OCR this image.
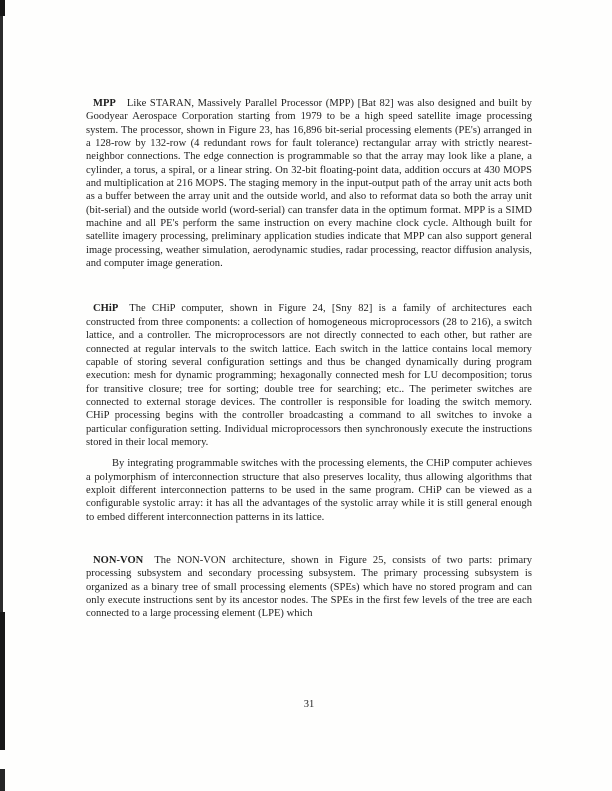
MPP Like STARAN, Massively Parallel Processor (MPP) [Bat 82] was also designed and built by Goodyear Aerospace Corporation starting from 1979 to be a high speed satellite image processing system. The processor, shown in Figure 23, has 16,896 bit-serial processing elements (PE's) arranged in a 128-row by 132-row (4 redundant rows for fault tolerance) rectangular array with strictly nearest-neighbor connections. The edge connection is programmable so that the array may look like a plane, a cylinder, a torus, a spiral, or a linear string. On 32-bit floating-point data, addition occurs at 430 MOPS and multiplication at 216 MOPS. The staging memory in the input-output path of the array unit acts both as a buffer between the array unit and the outside world, and also to reformat data so both the array unit (bit-serial) and the outside world (word-serial) can transfer data in the optimum format. MPP is a SIMD machine and all PE's perform the same instruction on every machine clock cycle. Although built for satellite imagery processing, preliminary application studies indicate that MPP can also support general image processing, weather simulation, aerodynamic studies, radar processing, reactor diffusion analysis, and computer image generation.

CHiP The CHiP computer, shown in Figure 24, [Sny 82] is a family of architectures each constructed from three components: a collection of homogeneous microprocessors (28 to 216), a switch lattice, and a controller. The microprocessors are not directly connected to each other, but rather are connected at regular intervals to the switch lattice. Each switch in the lattice contains local memory capable of storing several configuration settings and thus be changed dynamically during program execution: mesh for dynamic programming; hexagonally connected mesh for LU decomposition; torus for transitive closure; tree for sorting; double tree for searching; etc.. The perimeter switches are connected to external storage devices. The controller is responsible for loading the switch memory. CHiP processing begins with the controller broadcasting a command to all switches to invoke a particular configuration setting. Individual microprocessors then synchronously execute the instructions stored in their local memory.

By integrating programmable switches with the processing elements, the CHiP computer achieves a polymorphism of interconnection structure that also preserves locality, thus allowing algorithms that exploit different interconnection patterns to be used in the same program. CHiP can be viewed as a configurable systolic array: it has all the advantages of the systolic array while it is still general enough to embed different interconnection patterns in its lattice.

NON-VON The NON-VON architecture, shown in Figure 25, consists of two parts: primary processing subsystem and secondary processing subsystem. The primary processing subsystem is organized as a binary tree of small processing elements (SPEs) which have no stored program and can only execute instructions sent by its ancestor nodes. The SPEs in the first few levels of the tree are each connected to a large processing element (LPE) which

31
